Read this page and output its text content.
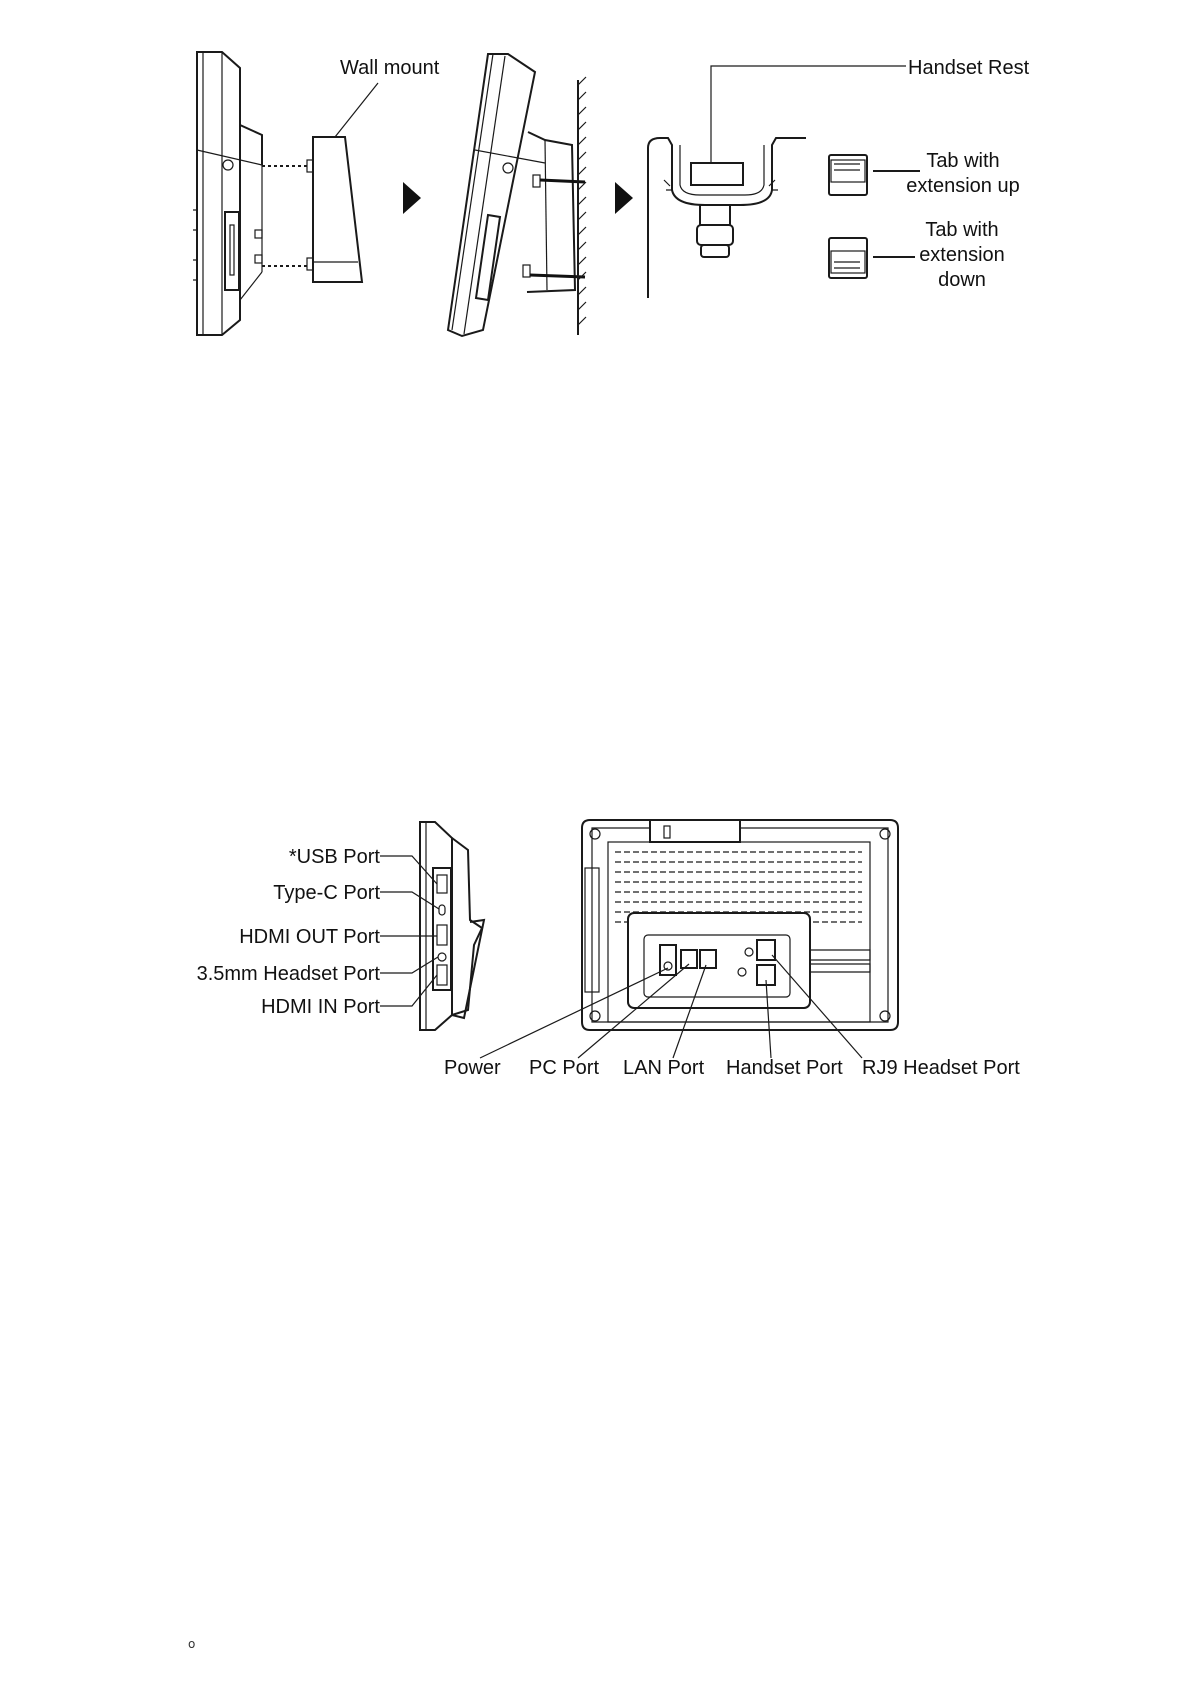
Wall mount	Handset Rest
Tab with
extension up
Tab with
extension
down
*USB Port
Type-C Port
HDMI OUT Port
3.5mm Headset Port
HDMI IN Port
Power PC Port LAN Port Handset Port RJ9 Headset Port
o
